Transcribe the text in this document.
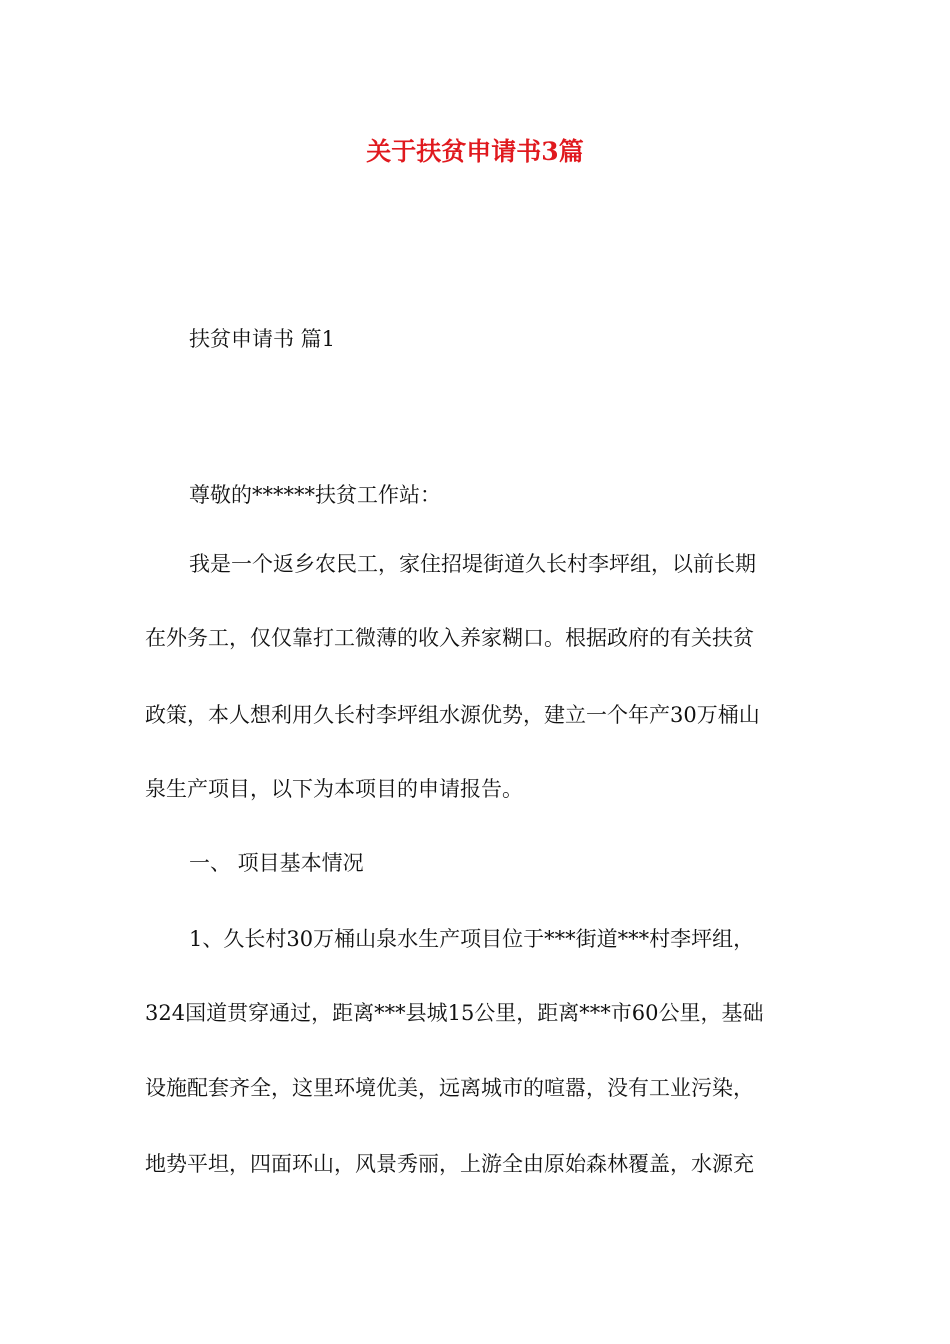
关于扶贫申请书3篇
扶贫申请书 篇1
尊敬的******扶贫工作站：
我是一个返乡农民工，家住招堤街道久长村李坪组，以前长期
在外务工，仅仅靠打工微薄的收入养家糊口。根据政府的有关扶贫
政策，本人想利用久长村李坪组水源优势，建立一个年产30万桶山
泉生产项目，以下为本项目的申请报告。
一、 项目基本情况
1、久长村30万桶山泉水生产项目位于***街道***村李坪组，
324国道贯穿通过，距离***县城15公里，距离***市60公里，基础
设施配套齐全，这里环境优美，远离城市的喧嚣，没有工业污染，
地势平坦，四面环山，风景秀丽，上游全由原始森林覆盖，水源充
